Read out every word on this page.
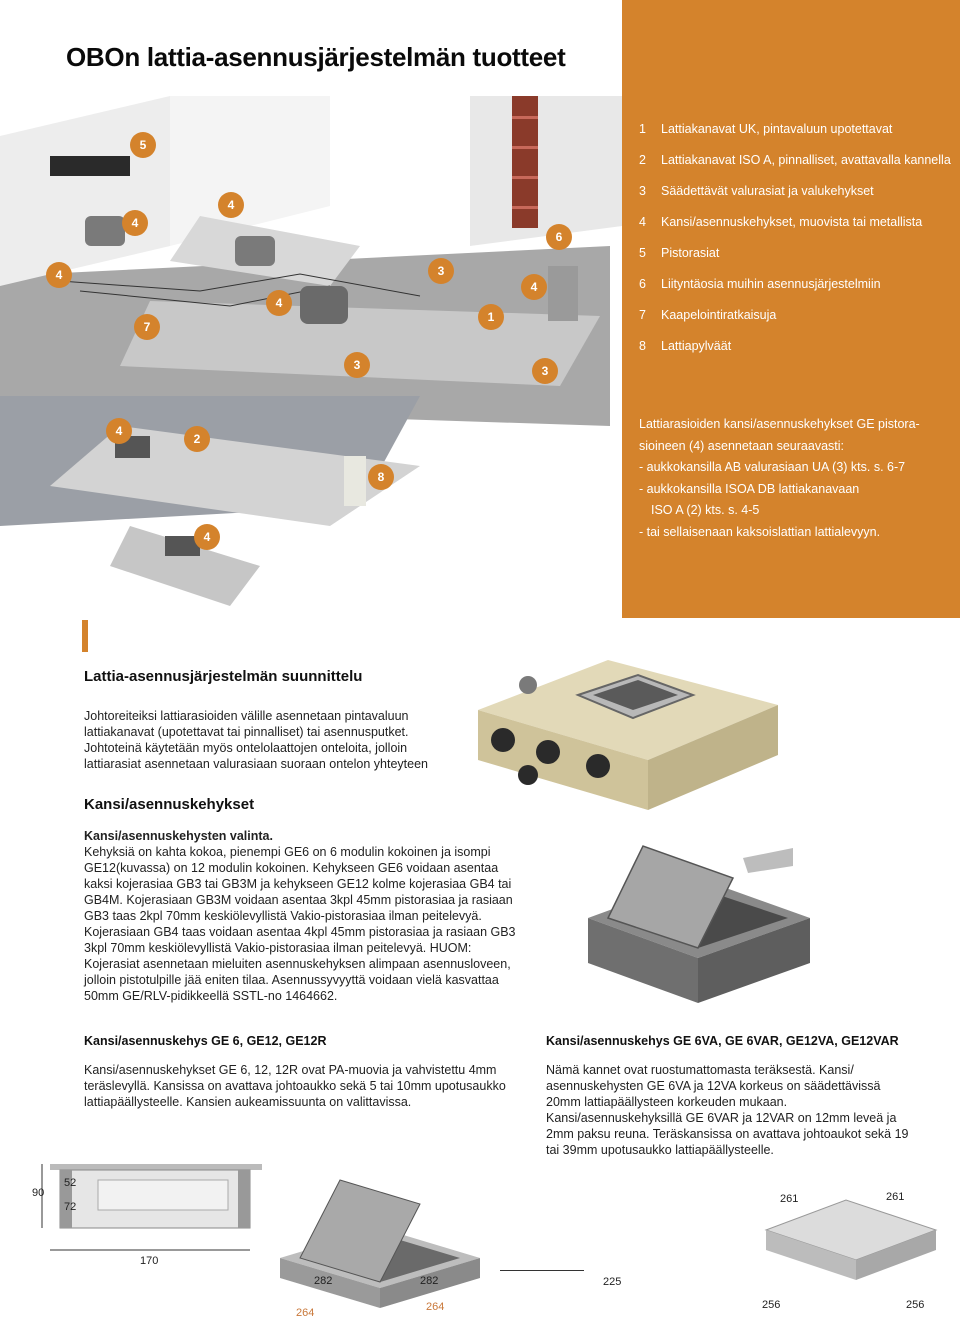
OBOn lattia-asennusjärjestelmän tuotteet
5
4
4
6
4	3
4
7
4
1
3	3
4
2
8
4
1	Lattiakanavat UK, pintavaluun upotettavat
2	Lattiakanavat ISO A, pinnalliset, avattavalla kannella
3	Säädettävät valurasiat ja valukehykset
4	Kansi/asennuskehykset, muovista tai metallista
5	Pistorasiat
6	Liityntäosia muihin asennusjärjestelmiin
7	Kaapelointiratkaisuja
8	Lattiapylväät
Lattiarasioiden kansi/asennuskehykset GE pistora-
sioineen (4) asennetaan seuraavasti:
- aukkokansilla AB valurasiaan UA (3) kts. s. 6-7
- aukkokansilla ISOA DB lattiakanavaan
ISO A (2) kts. s. 4-5
- tai sellaisenaan kaksoislattian lattialevyyn.
Lattia-asennusjärjestelmän suunnittelu
Johtoreiteiksi lattiarasioiden välille asennetaan pintavaluun lattiakanavat (upotettavat tai pinnalliset) tai asennusputket. Johtoteinä käytetään myös ontelolaattojen onteloita, jolloin lattiarasiat asennetaan valurasiaan suoraan ontelon yhteyteen
Kansi/asennuskehykset
Kansi/asennuskehysten valinta.
Kehyksiä on kahta kokoa, pienempi GE6 on 6 modulin kokoinen ja isompi GE12(kuvassa) on 12 modulin kokoinen. Kehykseen GE6 voidaan asentaa kaksi kojerasiaa GB3 tai GB3M ja kehykseen GE12 kolme kojerasiaa GB4 tai GB4M. Kojerasiaan GB3M voidaan asentaa 3kpl 45mm pistorasiaa ja rasiaan GB3 taas 2kpl 70mm keskiölevyllistä Vakio-pistorasiaa ilman peitelevyä. Kojerasiaan GB4 taas voidaan asentaa 4kpl 45mm pistorasiaa ja rasiaan GB3 3kpl 70mm keskiölevyllistä Vakio-pistorasiaa ilman peitelevyä. HUOM: Kojerasiat asennetaan mieluiten asennuskehyksen alimpaan asennusloveen, jolloin pistotulpille jää eniten tilaa. Asennussyvyyttä voidaan vielä kasvattaa 50mm GE/RLV-pidikkeellä SSTL-no 1464662.
Kansi/asennuskehys GE 6, GE12, GE12R
Kansi/asennuskehykset GE 6, 12, 12R ovat PA-muovia ja vahvistettu 4mm teräslevyllä. Kansissa on avattava johtoaukko sekä 5 tai 10mm upotusaukko lattiapäällysteelle. Kansien aukeamissuunta on valittavissa.
Kansi/asennuskehys GE 6VA, GE 6VAR, GE12VA, GE12VAR
Nämä kannet ovat ruostumattomasta teräksestä. Kansi/ asennuskehysten GE 6VA ja 12VA korkeus on säädettävissä 20mm lattiapäällysteen korkeuden mukaan. Kansi/asennuskehyksillä GE 6VAR ja 12VAR on 12mm leveä ja 2mm paksu reuna. Teräskansissa on avattava johtoaukot sekä 19 tai 39mm upotusaukko lattiapäällysteelle.
90
52
72
170
282	282
264	264
225
261	261
256	256
